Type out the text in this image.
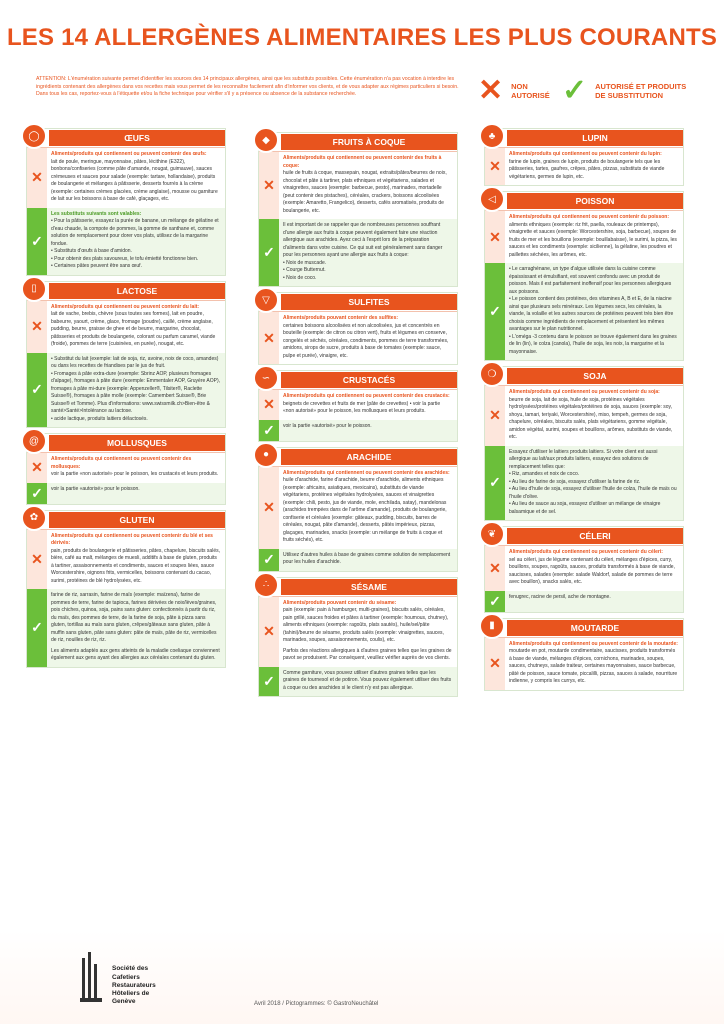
LES 14 ALLERGÈNES ALIMENTAIRES LES PLUS COURANTS
ATTENTION: L'énumération suivante permet d'identifier les sources des 14 principaux allergènes, ainsi que les substituts possibles. Cette énumération n'a pas vocation à interdire les ingrédients contenant des allergènes dans vos recettes mais vous permet de les reconnaître facilement afin d'informer vos clients, et de vous adapter aux régimes particuliers si besoin. Dans tous les cas, reportez-vous à l'étiquette et/ou la fiche technique pour vérifier s'il y a présence ou absence de la substance recherchée.	✕ NON AUTORISÉ ✓ AUTORISÉ ET PRODUITS DE SUBSTITUTION
◯	ŒUFS
✕
Aliments/produits qui contiennent ou peuvent contenir des œufs:
lait de poule, meringue, mayonnaise, pâtes, lécithine (E322), bonbons/confiseries (comme pâte d'amande, nougat, guimauve), sauces crémeuses et sauces pour salade (exemple: tartare, hollandaise), produits de boulangerie et mélanges à pâtisserie, desserts fourrés à la crème (exemple: certaines crèmes glacées, crème anglaise), mousse ou garniture de lait sur les boissons à base de café, glaçages, etc.
✓
Les substituts suivants sont valables:
• Pour la pâtisserie, essayez la purée de banane, un mélange de gélatine et d'eau chaude, la compote de pommes, la gomme de xanthane et, comme solution de remplacement pour dorer vos plats, utilisez de la margarine fondue.
• Substituts d'œufs à base d'amidon.
• Pour obtenir des plats savoureux, le tofu émietté fonctionne bien.
• Certaines pâtes peuvent être sans œuf.
▯	LACTOSE
✕
Aliments/produits qui contiennent ou peuvent contenir du lait:
lait de vache, brebis, chèvre (sous toutes ses formes), lait en poudre, babeurre, yaourt, crème, glace, fromage (poudre), caillé, crème anglaise, pudding, beurre, graisse de ghee et de beurre, margarine, chocolat, pâtisseries et produits de boulangerie, colorant ou parfum caramel, viande (froide), pommes de terre (cuisinées, en purée), nougat, etc.
✓
• Substitut du lait (exemple: lait de soja, riz, avoine, noix de coco, amandes) ou dans les recettes de friandises par le jus de fruit.
• Fromages à pâte extra-dure (exemple: Sbrinz AOP, plusieurs fromages d'alpage), fromages à pâte dure (exemple: Emmentaler AOP, Gruyère AOP), fromages à pâte mi-dure (exemple: Appenzeller®, Tilsiter®, Raclette Suisse®), fromages à pâte molle (exemple: Camembert Suisse®, Brie Suisse® et Tomme). Plus d'informations: www.swissmilk.ch>Bien-être & santé>Santé>Intolérance au lactose.
• acide lactique, produits laitiers délactosés.
@	MOLLUSQUES
✕
Aliments/produits qui contiennent ou peuvent contenir des mollusques:
voir la partie «non autorisé» pour le poisson, les crustacés et leurs produits.
✓	voir la partie «autorisé» pour le poisson.
✿	GLUTEN
✕
Aliments/produits qui contiennent ou peuvent contenir du blé et ses dérivés:
pain, produits de boulangerie et pâtisseries, pâtes, chapelure, biscuits salés, bière, café au malt, mélanges de muesli, additifs à base de gluten, produits à tartiner, assaisonnements et condiments, sauces et soupes liées, sauce Worcestershire, oignons frits, vermicelles, boissons contenant du cacao, surimi, protéines de blé hydrolysées, etc.
✓
farine de riz, sarrasin, farine de maïs (exemple: maïzena), farine de pommes de terre, farine de tapioca, farines dérivées de noix/lèves/graines, pois chiches, quinoa, soja, pains sans gluten: confectionnés à partir du riz, du maïs, des pommes de terre, de la farine de soja, pâte à pizza sans gluten, tortillas au maïs sans gluten, crêpes/gâteaux sans gluten, pâte à muffin sans gluten, pâte sans gluten: pâte de maïs, pâte de riz, vermicelles de riz, nouilles de riz, riz.
Les aliments adaptés aux gens atteints de la maladie coeliaque conviennent également aux gens ayant des allergies aux céréales contenant du gluten.
◆	FRUITS À COQUE
✕
Aliments/produits qui contiennent ou peuvent contenir des fruits à coque:
huile de fruits à coque, massepain, nougat, extraits/pâtes/beurres de noix, chocolat et pâte à tartiner, plats ethniques et végétariens, salades et vinaigrettes, sauces (exemple: barbecue, pesto), marinades, mortadelle (peut contenir des pistaches), céréales, crackers, boissons alcoolisées (exemple: Amaretto, Frangelico), desserts, cafés aromatisés, produits de boulangerie, etc.
✓
Il est important de se rappeler que de nombreuses personnes souffrant d'une allergie aux fruits à coque peuvent également faire une réaction allergique aux arachides. Ayez ceci à l'esprit lors de la préparation d'aliments dans votre cuisine. Ce qui suit est généralement sans danger pour les personnes ayant une allergie aux fruits à coque:
• Noix de muscade.
• Courge Butternut.
• Noix de coco.
▽	SULFITES
✕
Aliments/produits pouvant contenir des sulfites:
certaines boissons alcoolisées et non alcoolisées, jus et concentrés en bouteille (exemple: de citron ou citron vert), fruits et légumes en conserve, congelés et séchés, céréales, condiments, pommes de terre transformées, amidons, sirops de sucre, produits à base de tomates (exemple: sauce, pulpe et purée), vinaigre, etc.
∽	CRUSTACÉS
✕
Aliments/produits qui contiennent ou peuvent contenir des crustacés:
beignets de crevettes et fruits de mer (pâte de crevettes) • voir la partie «non autorisé» pour le poisson, les mollusques et leurs produits.
✓	voir la partie «autorisé» pour le poisson.
●	ARACHIDE
✕
Aliments/produits qui contiennent ou peuvent contenir des arachides:
huile d'arachide, farine d'arachide, beurre d'arachide, aliments ethniques (exemple: africains, asiatiques, mexicains), substituts de viande végétariens, protéines végétales hydrolysées, sauces et vinaigrettes (exemple: chili, pesto, jus de viande, mole, enchilada, satay), mandelonas (arachides trempées dans de l'arôme d'amande), produits de boulangerie, confiserie et céréales (exemple: gâteaux, pudding, biscuits, barres de céréales, nougat, pâte d'amande), desserts, pâtés impérieux, pizzas, glaçages, marinades, snacks (exemple: un mélange de fruits à coque et fruits séchés), etc.
✓	Utilisez d'autres huiles à base de graines comme solution de remplacement pour les huiles d'arachide.
∴	SÉSAME
✕
Aliments/produits pouvant contenir du sésame:
pain (exemple: pain à hamburger, multi-graines), biscuits salés, céréales, pain grillé, sauces froides et pâtes à tartiner (exemple: houmous, chutney), aliments ethniques (exemple: ragoûts, plats sautés), huile/sel/pâte (tahini)/beurre de sésame, produits salés (exemple: vinaigrettes, sauces, marinades, soupes, assaisonnements, coulis), etc.
Parfois des réactions allergiques à d'autres graines telles que les graines de pavot se produisent. Par conséquent, veuillez vérifier auprès de vos clients.
✓
Comme garniture, vous pouvez utiliser d'autres graines telles que les graines de tournesol et de potiron. Vous pouvez également utiliser des fruits à coque ou des arachides si le client n'y est pas allergique.
♣	LUPIN
✕
Aliments/produits qui contiennent ou peuvent contenir du lupin:
farine de lupin, graines de lupin, produits de boulangerie tels que les pâtisseries, tartes, gaufres, crêpes, pâtes, pizzas, substituts de viande végétariens, germes de lupin, etc.
◁	POISSON
✕
Aliments/produits qui contiennent ou peuvent contenir du poisson:
aliments ethniques (exemple: riz frit, paella, rouleaux de printemps), vinaigrette et sauces (exemple: Worcestershire, soja, barbecue), soupes de fruits de mer et les bouillons (exemple: bouillabaisse), le surimi, la pizza, les sauces et les condiments (exemple: sicilienne), la gélatine, les poudres et paillettes séchées, les arômes, etc.
✓
• Le carraghénane, un type d'algue utilisée dans la cuisine comme épaississant et émulsifiant, est souvent confondu avec un produit de poisson. Mais il est parfaitement inoffensif pour les personnes allergiques aux poissons.
• Le poisson contient des protéines, des vitamines A, B et E, de la niacine ainsi que plusieurs sels minéraux. Les légumes secs, les céréales, la viande, la volaille et les autres sources de protéines peuvent très bien être choisis comme ingrédients de remplacement et présentent les mêmes avantages sur le plan nutritionnel.
• L'oméga -3 contenu dans le poisson se trouve également dans les graines de lin (lin), le colza (canola), l'huile de soja, les noix, la margarine et la mayonnaise.
❍	SOJA
✕
Aliments/produits qui contiennent ou peuvent contenir du soja:
beurre de soja, lait de soja, huile de soja, protéines végétales hydrolysées/protéines végétales/protéines de soja, sauces (exemple: soy, shoyu, tamari, teriyaki, Worcestershire), miso, tempeh, germes de soja, chapelure, céréales, biscuits salés, plats végétariens, gomme végétale, amidon végétal, surimi, soupes et bouillons, arômes, substituts de viande, etc.
✓
Essayez d'utiliser le laitiers produits laitiers. Si votre client est aussi allergique au lait/aux produits laitiers, essayez des solutions de remplacement telles que:
• Riz, amandes et noix de coco.
• Au lieu de farine de soja, essayez d'utiliser la farine de riz.
• Au lieu d'huile de soja, essayez d'utiliser l'huile de colza, l'huile de maïs ou l'huile d'olive.
• Au lieu de sauce au soja, essayez d'utiliser un mélange de vinaigre balsamique et de sel.
❦	CÉLERI
✕
Aliments/produits qui contiennent ou peuvent contenir du céleri:
sel au céleri, jus de légume contenant du céleri, mélanges d'épices, curry, bouillons, soupes, ragoûts, sauces, produits transformés à base de viande, saucisses, salades (exemple: salade Waldorf, salade de pommes de terre avec bouillon), snacks salés, etc.
✓	fenugrec, racine de persil, ache de montagne.
▮	MOUTARDE
✕
Aliments/produits qui contiennent ou peuvent contenir de la moutarde:
moutarde en pot, moutarde condimentaire, saucisses, produits transformés à base de viande, mélanges d'épices, cornichons, marinades, soupes, sauces, chutneys, salade traiteur, certaines mayonnaises, sauce barbecue, pâté de poisson, sauce tomate, piccalilli, pizzas, sauces à salade, nourriture indienne, y compris les currys, etc.
Société des
Cafetiers
Restaurateurs
Hôteliers de
Genève	Avril 2018 / Pictogrammes: © GastroNeuchâtel
